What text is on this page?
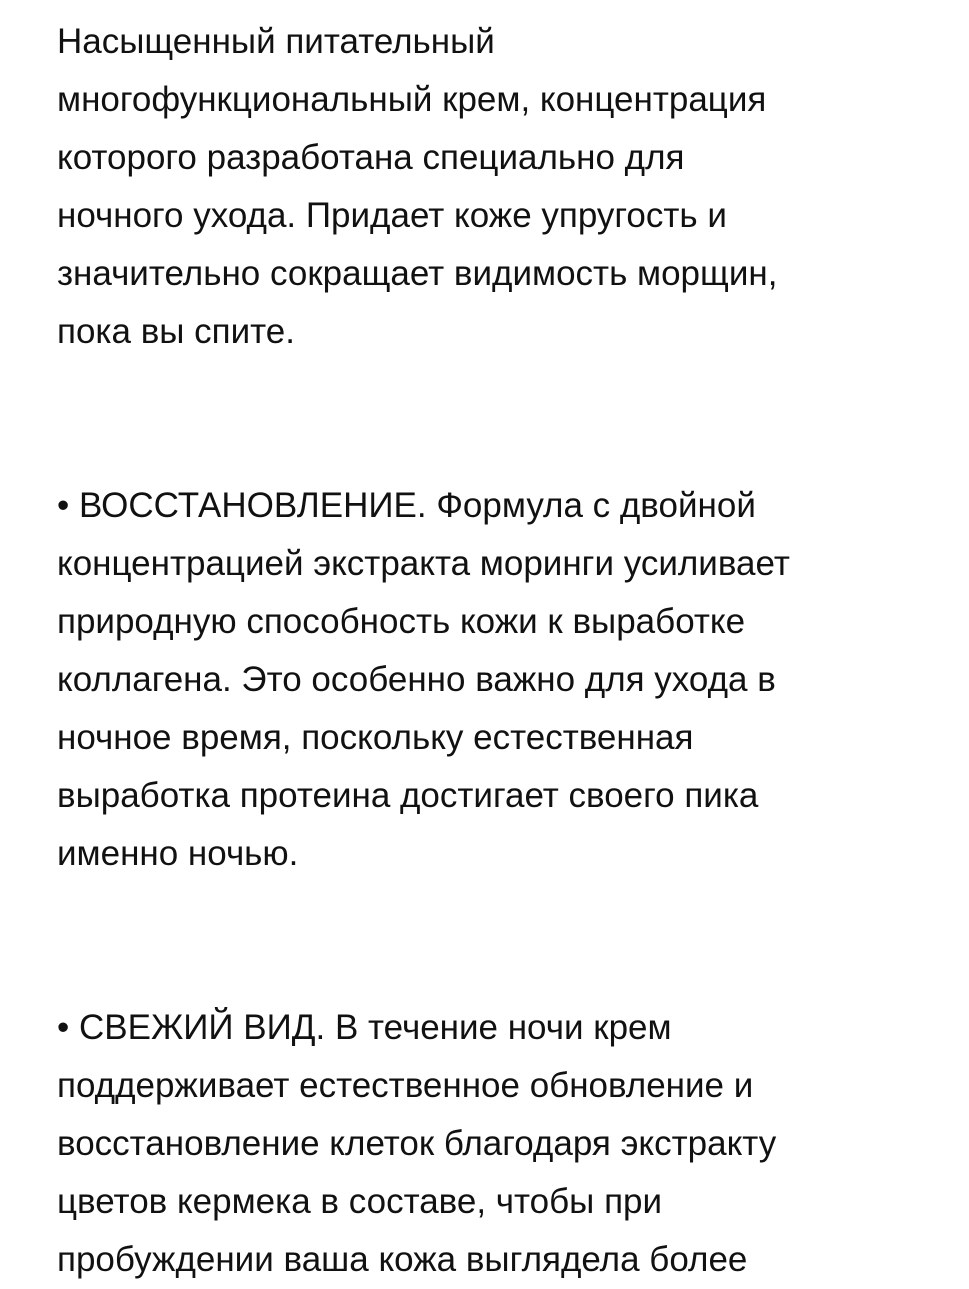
Насыщенный питательный
многофункциональный крем, концентрация
которого разработана специально для
ночного ухода. Придает коже упругость и
значительно сокращает видимость морщин,
пока вы спите.
• ВОССТАНОВЛЕНИЕ. Формула с двойной
концентрацией экстракта моринги усиливает
природную способность кожи к выработке
коллагена. Это особенно важно для ухода в
ночное время, поскольку естественная
выработка протеина достигает своего пика
именно ночью.
• СВЕЖИЙ ВИД. В течение ночи крем
поддерживает естественное обновление и
восстановление клеток благодаря экстракту
цветов кермека в составе, чтобы при
пробуждении ваша кожа выглядела более
